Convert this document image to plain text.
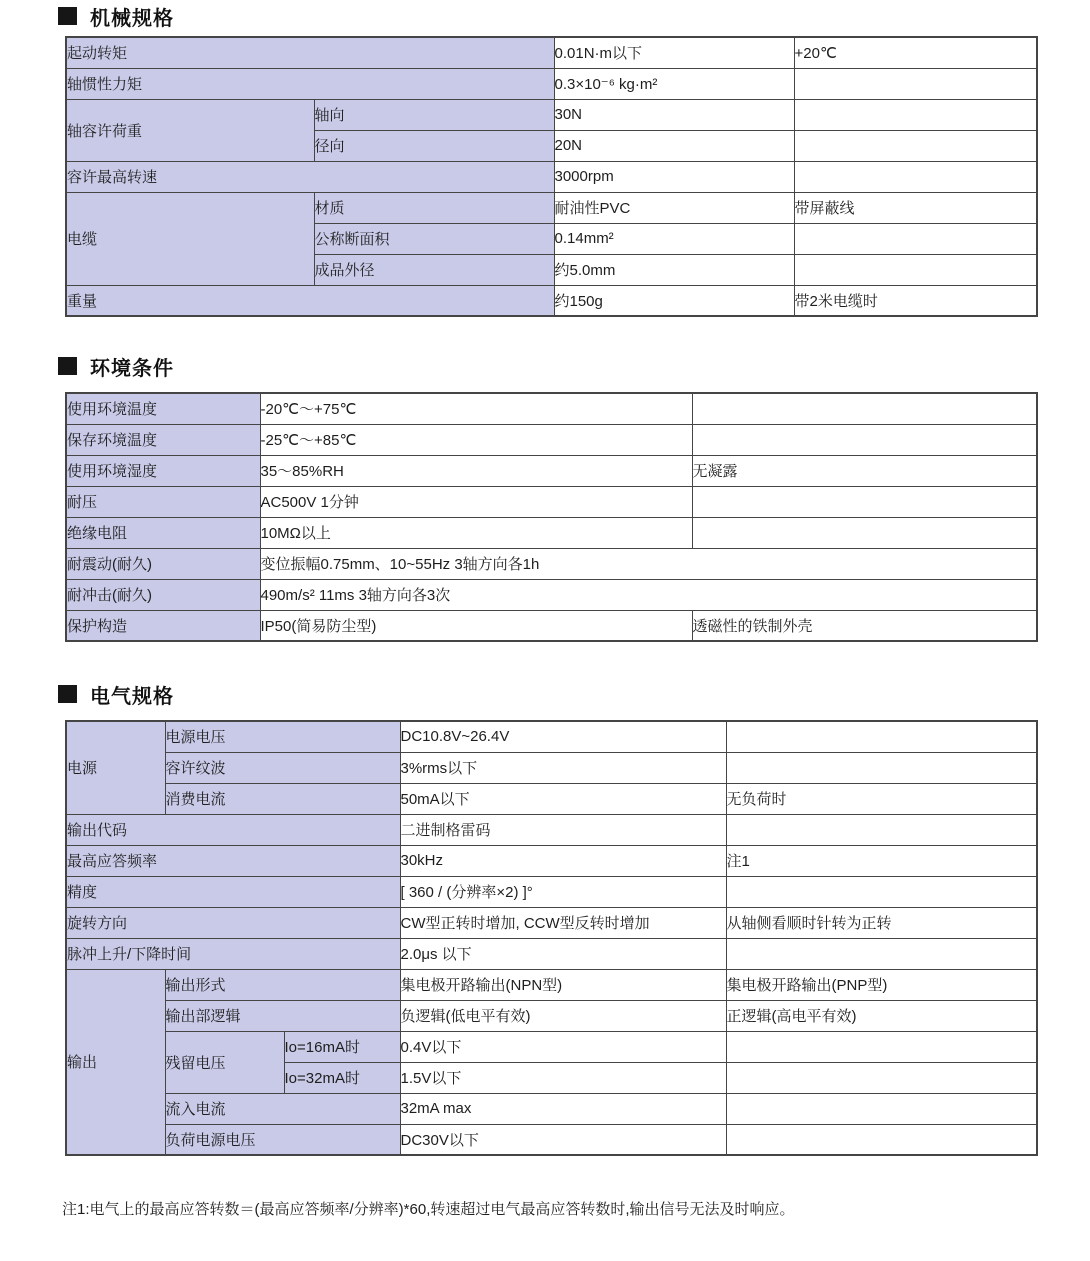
机械规格
起动转矩		0.01N·m以下	+20℃
轴惯性力矩		0.3×10⁻⁶ kg·m²	
轴容许荷重	轴向	30N	
	径向	20N	
容许最高转速		3000rpm	
电缆	材质	耐油性PVC	带屏蔽线
	公称断面积	0.14mm²	
	成品外径	约5.0mm	
重量		约150g	带2米电缆时
环境条件
使用环境温度	-20℃〜+75℃	
保存环境温度	-25℃〜+85℃	
使用环境湿度	35〜85%RH	无凝露
耐压	AC500V 1分钟	
绝缘电阻	10MΩ以上	
耐震动(耐久)	变位振幅0.75mm、10~55Hz 3轴方向各1h	
耐冲击(耐久)	490m/s² 11ms 3轴方向各3次	
保护构造	IP50(简易防尘型)	透磁性的铁制外壳
电气规格
电源	电源电压		DC10.8V~26.4V	
	容许纹波		3%rms以下	
	消费电流		50mA以下	无负荷时
输出代码			二进制格雷码	
最高应答频率			30kHz	注1
精度			[ 360 / (分辨率×2) ]°	
旋转方向			CW型正转时增加, CCW型反转时增加	从轴侧看顺时针转为正转
脉冲上升/下降时间			2.0μs 以下	
输出	输出形式		集电极开路输出(NPN型)	集电极开路输出(PNP型)
	输出部逻辑		负逻辑(低电平有效)	正逻辑(高电平有效)
	残留电压	Io=16mA时	0.4V以下	
		Io=32mA时	1.5V以下	
	流入电流		32mA max	
	负荷电源电压		DC30V以下	
注1:电气上的最高应答转数＝(最高应答频率/分辨率)*60,转速超过电气最高应答转数时,输出信号无法及时响应。
